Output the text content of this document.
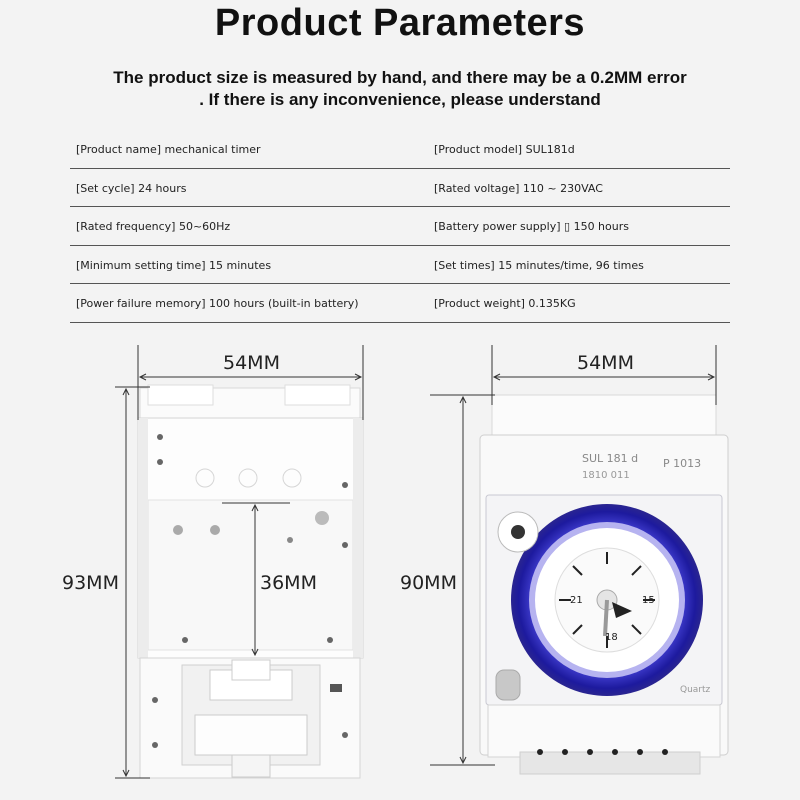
Product Parameters
The product size is measured by hand, and there may be a 0.2MM error
. If there is any inconvenience, please understand
[Product name] mechanical timer	[Product model] SUL181d
[Set cycle] 24 hours	[Rated voltage] 110 ~ 230VAC
[Rated frequency] 50~60Hz	[Battery power supply] ▯ 150 hours
[Minimum setting time] 15 minutes	[Set times] 15 minutes/time, 96 times
[Power failure memory] 100 hours (built-in battery)	[Product weight] 0.135KG
SUL 181 d
1810 011
P 1013
Quartz
21	15
18
54MM
93MM	36MM
54MM
90MM
